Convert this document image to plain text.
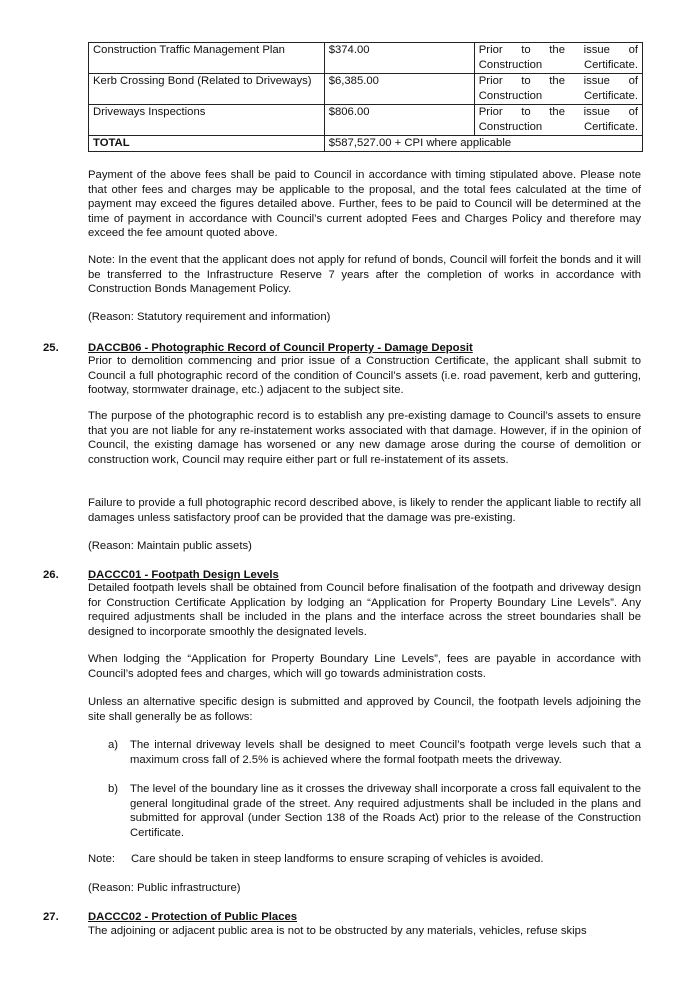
Construction Traffic Management Plan	$374.00	Prior to the issue of Construction Certificate.
Kerb Crossing Bond (Related to Driveways)	$6,385.00	Prior to the issue of Construction Certificate.
Driveways Inspections	$806.00	Prior to the issue of Construction Certificate.
TOTAL	$587,527.00 + CPI where applicable	
Payment of the above fees shall be paid to Council in accordance with timing stipulated above. Please note that other fees and charges may be applicable to the proposal, and the total fees calculated at the time of payment may exceed the figures detailed above. Further, fees to be paid to Council will be determined at the time of payment in accordance with Council’s current adopted Fees and Charges Policy and therefore may exceed the fee amount quoted above.
Note: In the event that the applicant does not apply for refund of bonds, Council will forfeit the bonds and it will be transferred to the Infrastructure Reserve 7 years after the completion of works in accordance with Construction Bonds Management Policy.
(Reason: Statutory requirement and information)
25.	DACCB06 - Photographic Record of Council Property - Damage Deposit
Prior to demolition commencing and prior issue of a Construction Certificate, the applicant shall submit to Council a full photographic record of the condition of Council’s assets (i.e. road pavement, kerb and guttering, footway, stormwater drainage, etc.) adjacent to the subject site.
The purpose of the photographic record is to establish any pre-existing damage to Council’s assets to ensure that you are not liable for any re-instatement works associated with that damage. However, if in the opinion of Council, the existing damage has worsened or any new damage arose during the course of demolition or construction work, Council may require either part or full re-instatement of its assets.
Failure to provide a full photographic record described above, is likely to render the applicant liable to rectify all damages unless satisfactory proof can be provided that the damage was pre-existing.
(Reason: Maintain public assets)
26.	DACCC01 - Footpath Design Levels
Detailed footpath levels shall be obtained from Council before finalisation of the footpath and driveway design for Construction Certificate Application by lodging an “Application for Property Boundary Line Levels”. Any required adjustments shall be included in the plans and the interface across the street boundaries shall be designed to incorporate smoothly the designated levels.
When lodging the “Application for Property Boundary Line Levels”, fees are payable in accordance with Council’s adopted fees and charges, which will go towards administration costs.
Unless an alternative specific design is submitted and approved by Council, the footpath levels adjoining the site shall generally be as follows:
a) The internal driveway levels shall be designed to meet Council’s footpath verge levels such that a maximum cross fall of 2.5% is achieved where the formal footpath meets the driveway.
b) The level of the boundary line as it crosses the driveway shall incorporate a cross fall equivalent to the general longitudinal grade of the street. Any required adjustments shall be included in the plans and submitted for approval (under Section 138 of the Roads Act) prior to the release of the Construction Certificate.
Note:	Care should be taken in steep landforms to ensure scraping of vehicles is avoided.
(Reason: Public infrastructure)
27.	DACCC02 - Protection of Public Places
The adjoining or adjacent public area is not to be obstructed by any materials, vehicles, refuse skips
